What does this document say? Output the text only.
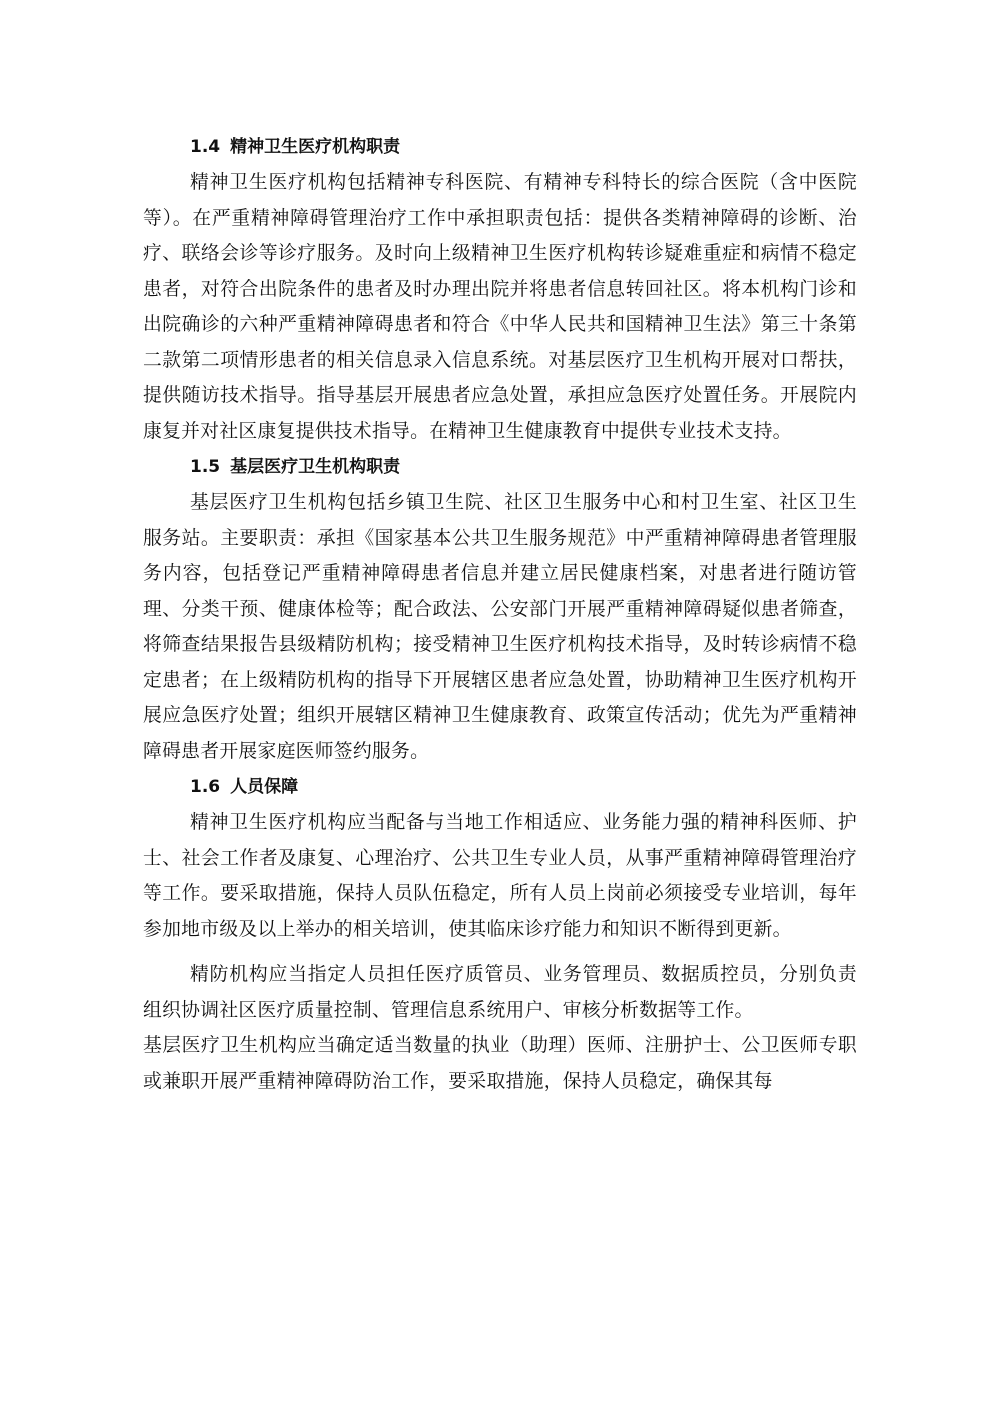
1.4 精神卫生医疗机构职责

精神卫生医疗机构包括精神专科医院、有精神专科特长的综合医院（含中医院等）。在严重精神障碍管理治疗工作中承担职责包括：提供各类精神障碍的诊断、治疗、联络会诊等诊疗服务。及时向上级精神卫生医疗机构转诊疑难重症和病情不稳定患者，对符合出院条件的患者及时办理出院并将患者信息转回社区。将本机构门诊和出院确诊的六种严重精神障碍患者和符合《中华人民共和国精神卫生法》第三十条第二款第二项情形患者的相关信息录入信息系统。对基层医疗卫生机构开展对口帮扶，提供随访技术指导。指导基层开展患者应急处置，承担应急医疗处置任务。开展院内康复并对社区康复提供技术指导。在精神卫生健康教育中提供专业技术支持。

1.5 基层医疗卫生机构职责

基层医疗卫生机构包括乡镇卫生院、社区卫生服务中心和村卫生室、社区卫生服务站。主要职责：承担《国家基本公共卫生服务规范》中严重精神障碍患者管理服务内容，包括登记严重精神障碍患者信息并建立居民健康档案，对患者进行随访管理、分类干预、健康体检等；配合政法、公安部门开展严重精神障碍疑似患者筛查，将筛查结果报告县级精防机构；接受精神卫生医疗机构技术指导，及时转诊病情不稳定患者；在上级精防机构的指导下开展辖区患者应急处置，协助精神卫生医疗机构开展应急医疗处置；组织开展辖区精神卫生健康教育、政策宣传活动；优先为严重精神障碍患者开展家庭医师签约服务。

1.6 人员保障

精神卫生医疗机构应当配备与当地工作相适应、业务能力强的精神科医师、护士、社会工作者及康复、心理治疗、公共卫生专业人员，从事严重精神障碍管理治疗等工作。要采取措施，保持人员队伍稳定，所有人员上岗前必须接受专业培训，每年参加地市级及以上举办的相关培训，使其临床诊疗能力和知识不断得到更新。

精防机构应当指定人员担任医疗质管员、业务管理员、数据质控员，分别负责组织协调社区医疗质量控制、管理信息系统用户、审核分析数据等工作。

基层医疗卫生机构应当确定适当数量的执业（助理）医师、注册护士、公卫医师专职或兼职开展严重精神障碍防治工作，要采取措施，保持人员稳定，确保其每
